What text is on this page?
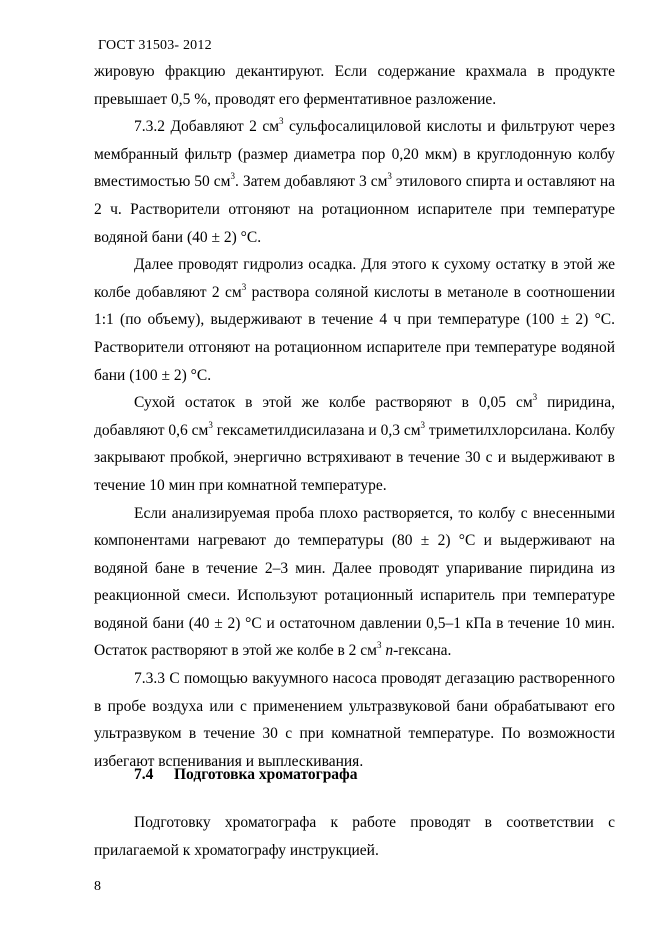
ГОСТ 31503- 2012

жировую фракцию декантируют. Если содержание крахмала в продукте превышает 0,5 %, проводят его ферментативное разложение.

7.3.2 Добавляют 2 $см^3$ сульфосалициловой кислоты и фильтруют через мембранный фильтр (размер диаметра пор 0,20 мкм) в круглодонную колбу вместимостью 50 $см^3$. Затем добавляют 3 $см^3$ этилового спирта и оставляют на 2 ч. Растворители отгоняют на ротационном испарителе при температуре водяной бани (40 ± 2) °С.

Далее проводят гидролиз осадка. Для этого к сухому остатку в этой же колбе добавляют 2 $см^3$ раствора соляной кислоты в метаноле в соотношении 1:1 (по объему), выдерживают в течение 4 ч при температуре (100 ± 2) °С. Растворители отгоняют на ротационном испарителе при температуре водяной бани (100 ± 2) °С.

Сухой остаток в этой же колбе растворяют в 0,05 $см^3$ пиридина, добавляют 0,6 $см^3$ гексаметилдисилазана и 0,3 $см^3$ триметилхлорсилана. Колбу закрывают пробкой, энергично встряхивают в течение 30 с и выдерживают в течение 10 мин при комнатной температуре.

Если анализируемая проба плохо растворяется, то колбу с внесенными компонентами нагревают до температуры (80 ± 2) °С и выдерживают на водяной бане в течение 2–3 мин. Далее проводят упаривание пиридина из реакционной смеси. Используют ротационный испаритель при температуре водяной бани (40 ± 2) °С и остаточном давлении 0,5–1 кПа в течение 10 мин. Остаток растворяют в этой же колбе в 2 $см^3$ n-гексана.

7.3.3 С помощью вакуумного насоса проводят дегазацию растворенного в пробе воздуха или с применением ультразвуковой бани обрабатывают его ультразвуком в течение 30 с при комнатной температуре. По возможности избегают вспенивания и выплескивания.

7.4 Подготовка хроматографа

Подготовку хроматографа к работе проводят в соответствии с прилагаемой к хроматографу инструкцией.

8
